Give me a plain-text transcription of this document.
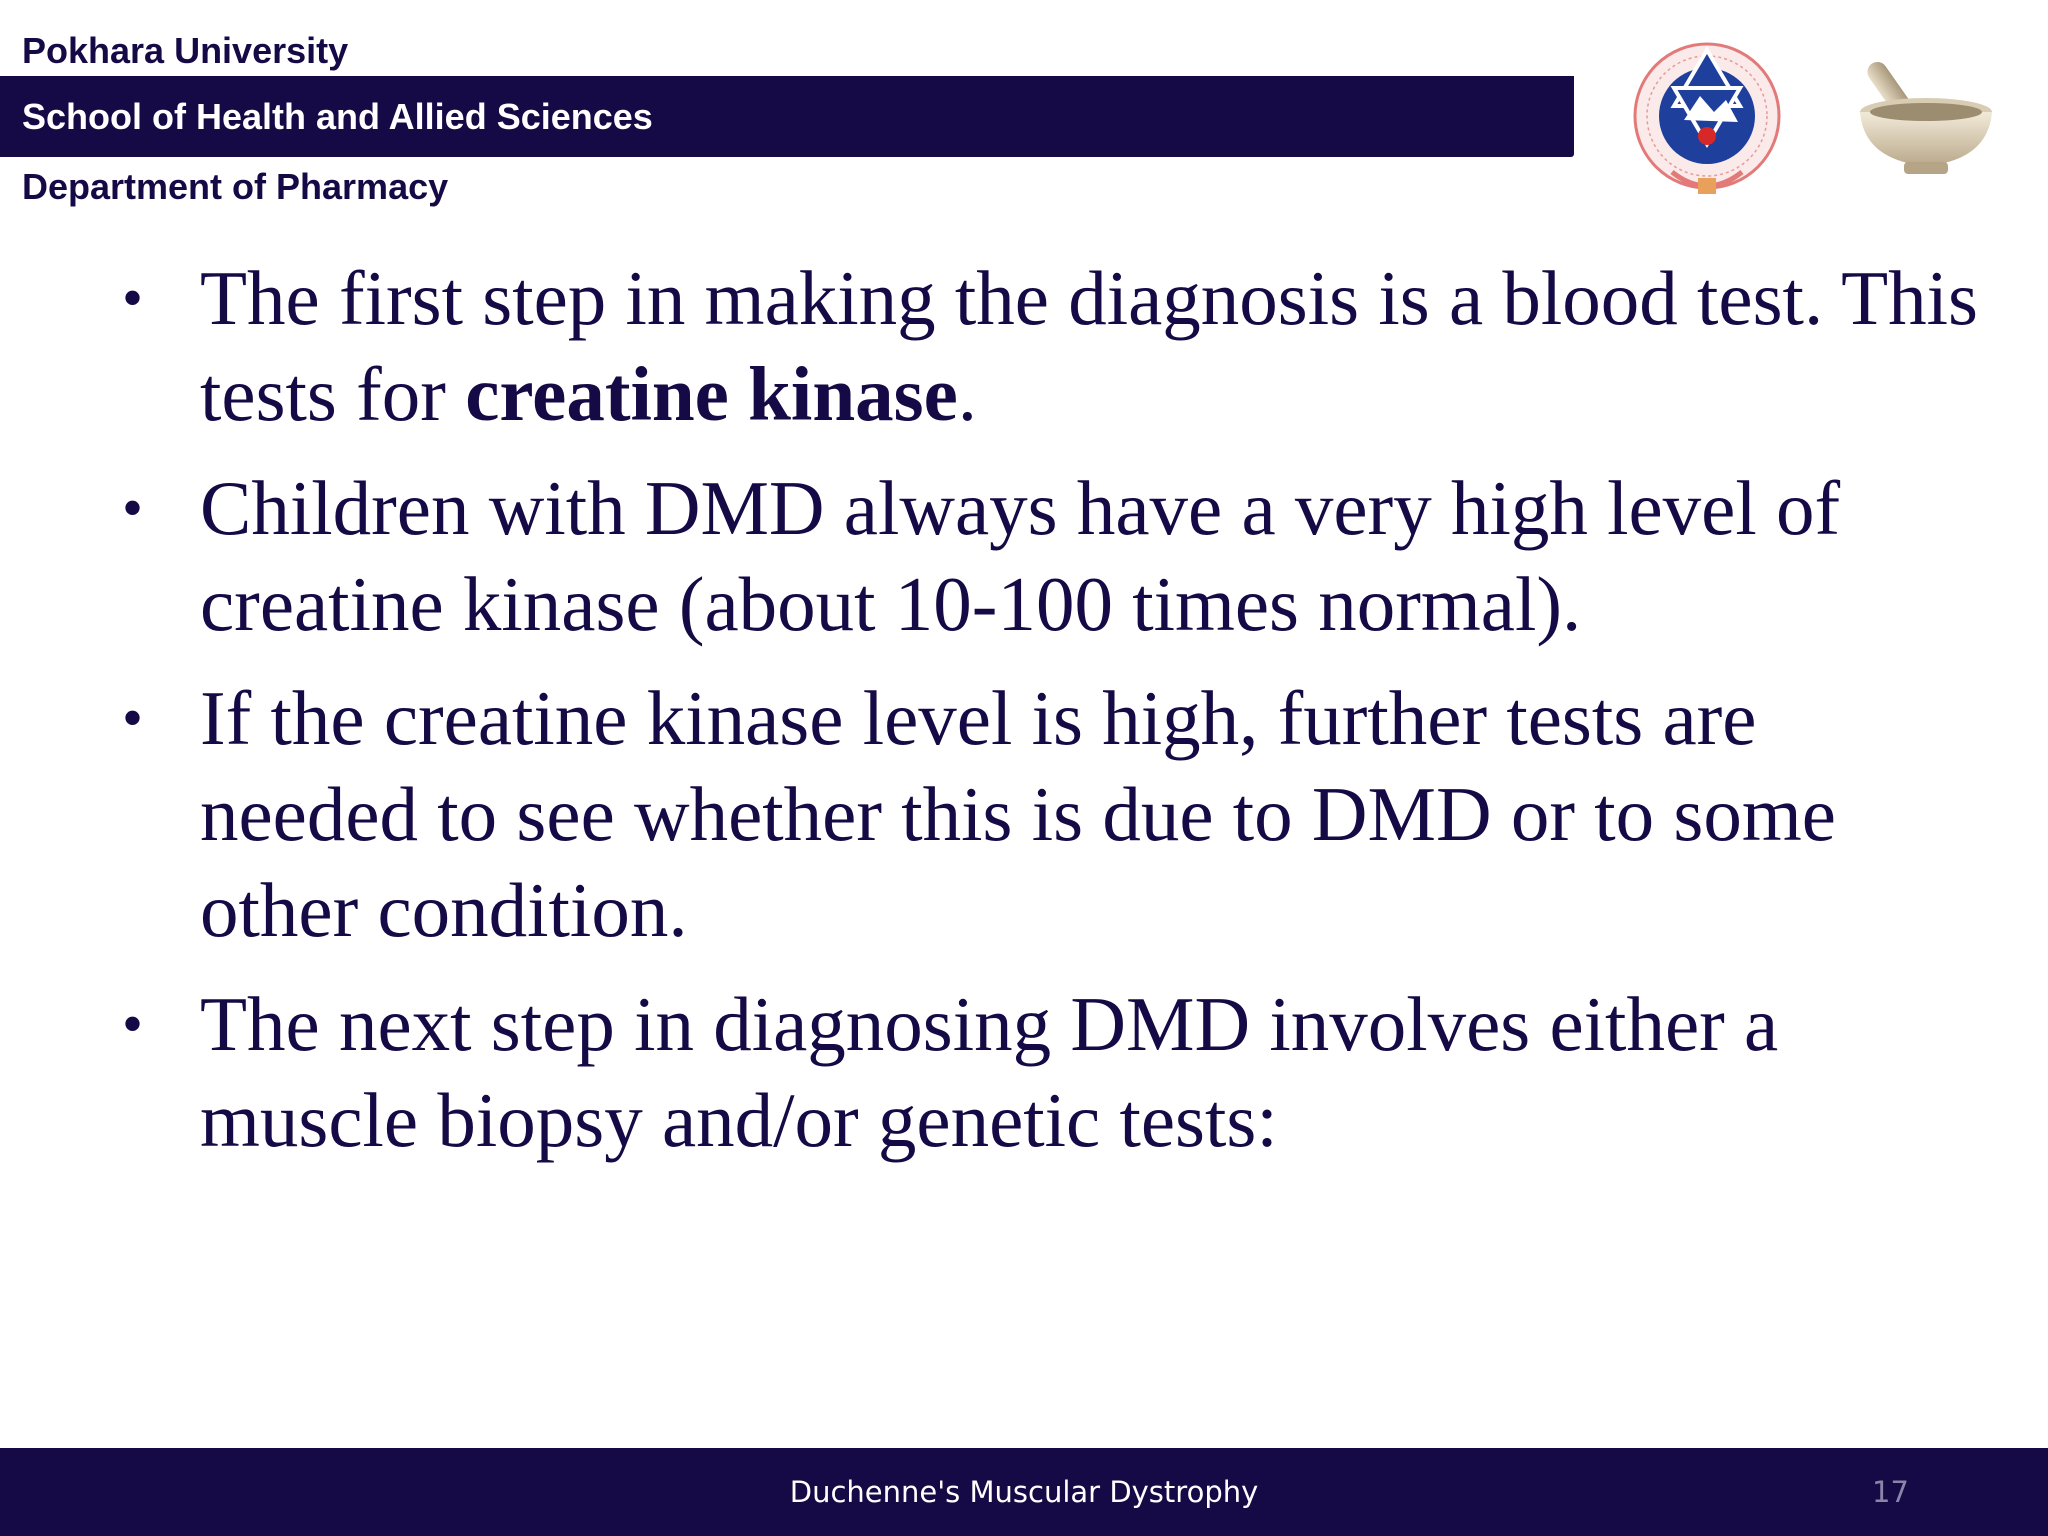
Pokhara University
School of Health and Allied Sciences
Department of Pharmacy
• The first step in making the diagnosis is a blood test. This tests for creatine kinase.
• Children with DMD always have a very high level of creatine kinase (about 10-100 times normal).
• If the creatine kinase level is high, further tests are needed to see whether this is due to DMD or to some other condition.
• The next step in diagnosing DMD involves either a muscle biopsy and/or genetic tests:
Duchenne's Muscular Dystrophy	17
